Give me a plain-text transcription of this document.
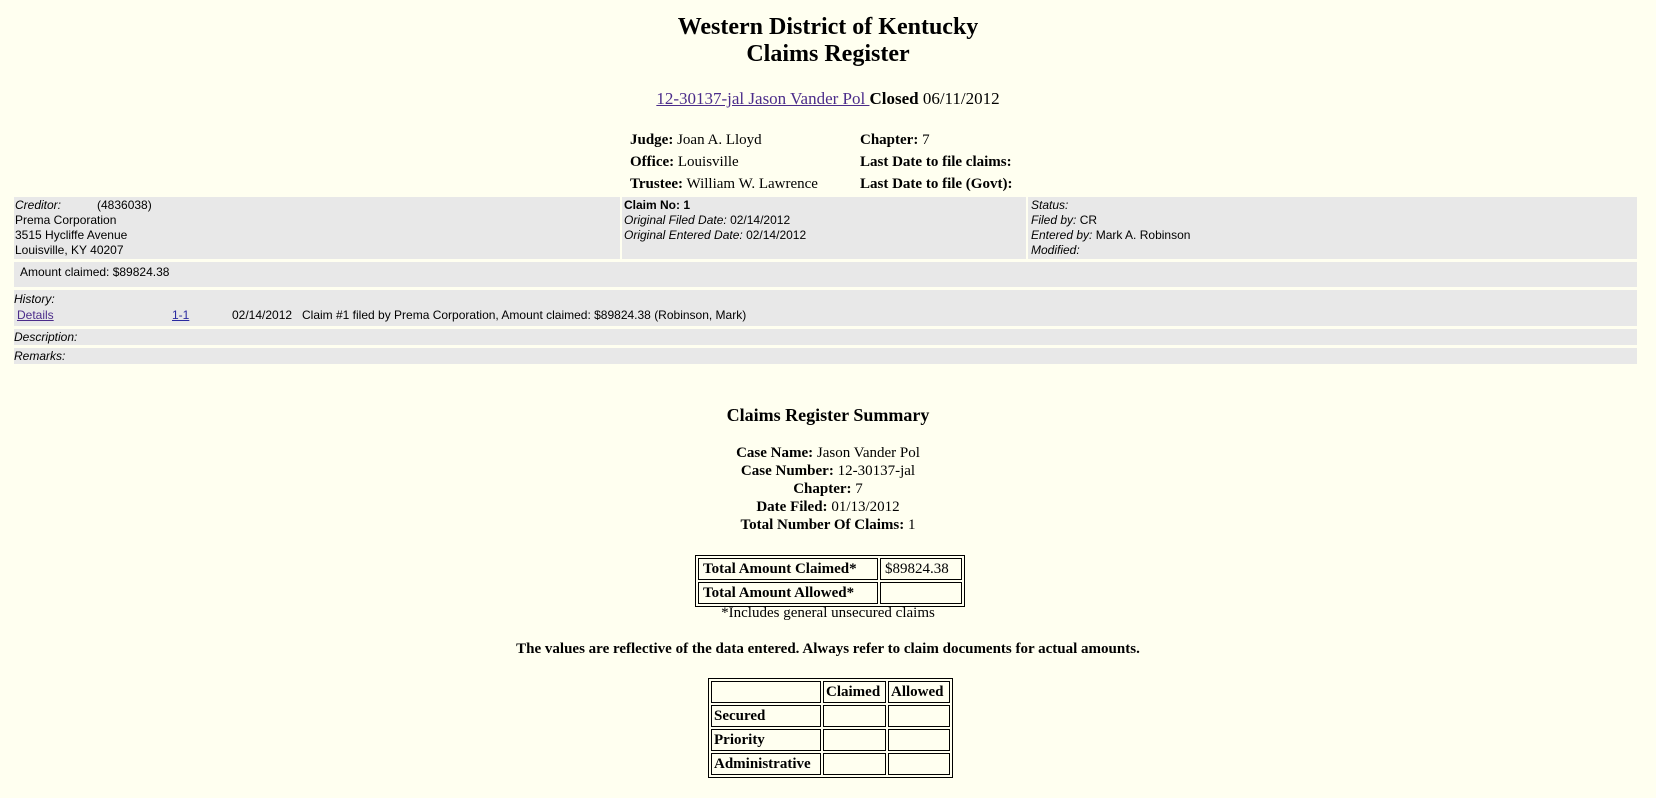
Western District of Kentucky
Claims Register
12-30137-jal Jason Vander Pol Closed 06/11/2012
Judge: Joan A. Lloyd
Office: Louisville
Trustee: William W. Lawrence
Chapter: 7
Last Date to file claims:
Last Date to file (Govt):
Creditor:	(4836038)
Prema Corporation
3515 Hycliffe Avenue
Louisville, KY 40207
Claim No: 1
Original Filed Date: 02/14/2012
Original Entered Date: 02/14/2012
Status:
Filed by: CR
Entered by: Mark A. Robinson
Modified:
Amount claimed: $89824.38
History:
Details	1-1	02/14/2012 Claim #1 filed by Prema Corporation, Amount claimed: $89824.38 (Robinson, Mark)
Description:
Remarks:
Claims Register Summary
Case Name: Jason Vander Pol
Case Number: 12-30137-jal
Chapter: 7
Date Filed: 01/13/2012
Total Number Of Claims: 1
Total Amount Claimed*	$89824.38
Total Amount Allowed*	
*Includes general unsecured claims
The values are reflective of the data entered. Always refer to claim documents for actual amounts.
	Claimed	Allowed
Secured		
Priority		
Administrative		
